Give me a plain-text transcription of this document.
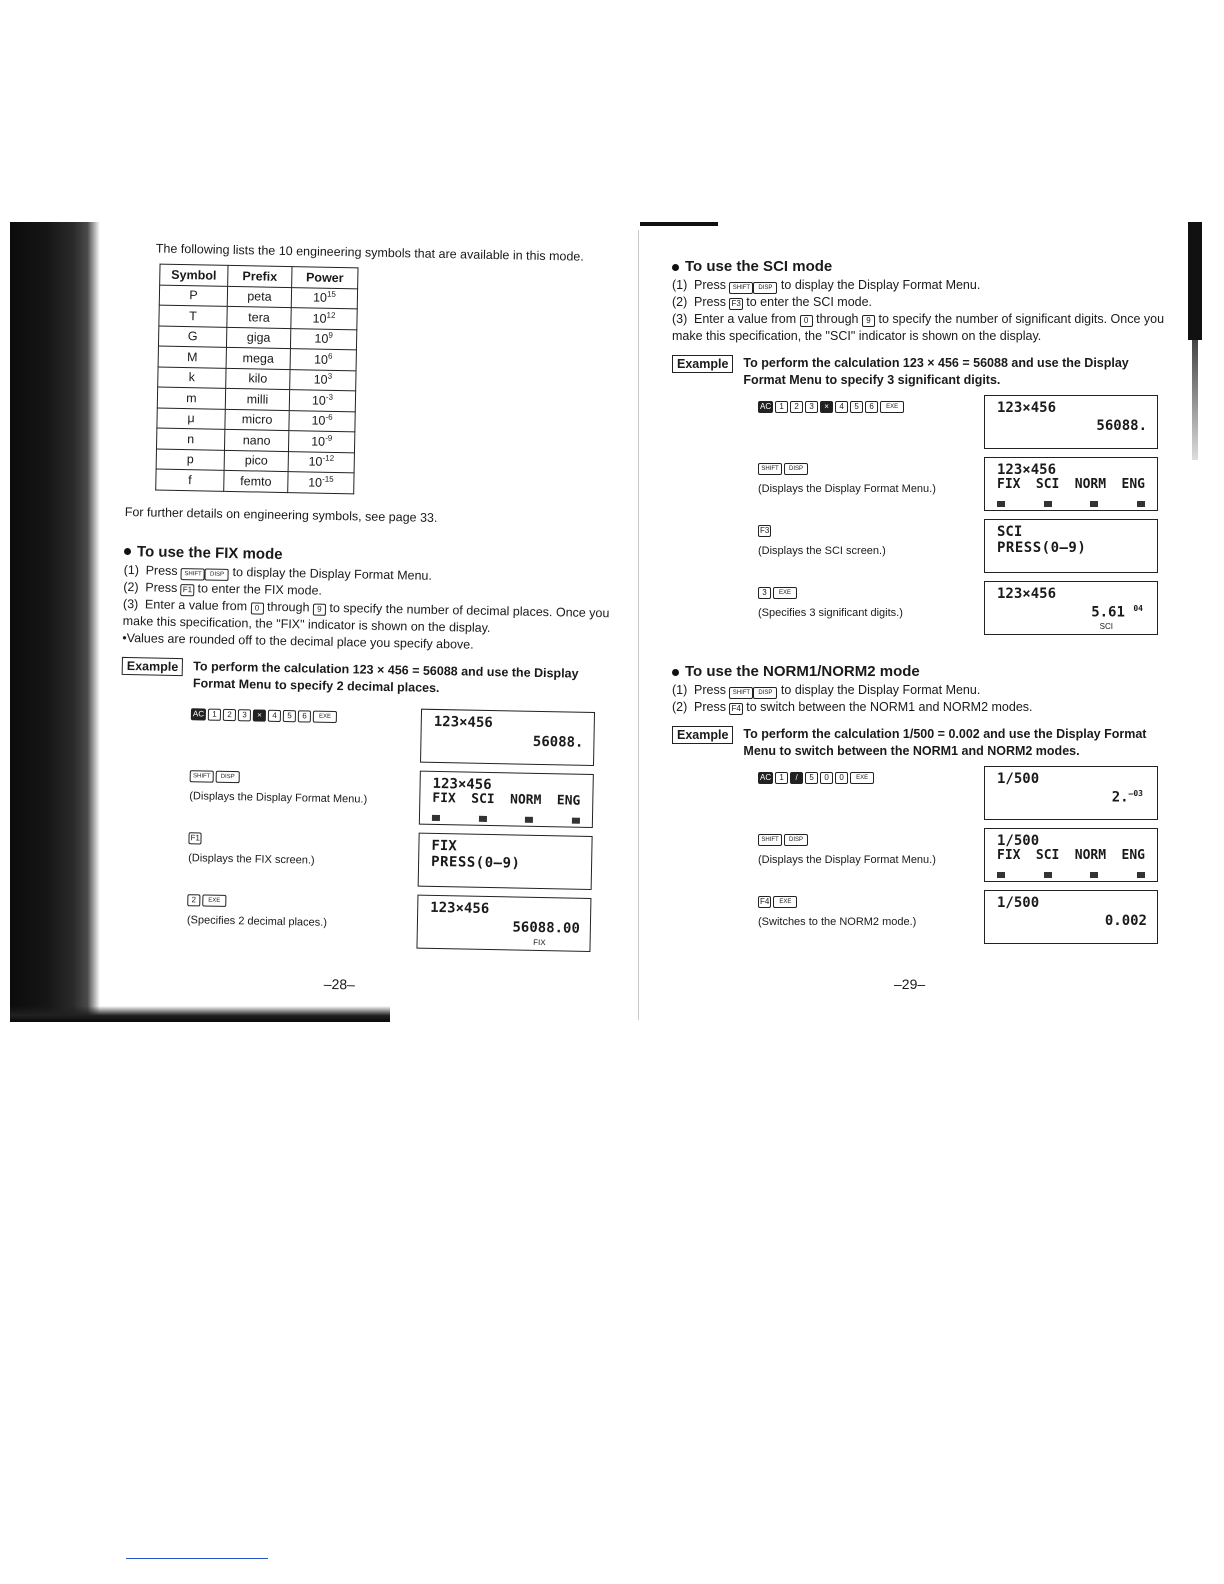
The following lists the 10 engineering symbols that are available in this mode.

Symbol	Prefix	Power
P	peta	$10^{15}$
T	tera	$10^{12}$
G	giga	$10^9$
M	mega	$10^6$
k	kilo	$10^3$
m	milli	$10^{-3}$
μ	micro	$10^{-6}$
n	nano	$10^{-9}$
p	pico	$10^{-12}$
f	femto	$10^{-15}$

For further details on engineering symbols, see page 33.

To use the FIX mode

(1) Press SHIFT DISP to display the Display Format Menu.

(2) Press F1 to enter the FIX mode.

(3) Enter a value from 0 through 9 to specify the number of decimal places. Once you make this specification, the "FIX" indicator is shown on the display.

•Values are rounded off to the decimal place you specify above.

Example	To perform the calculation 123 × 456 = 56088 and use the Display Format Menu to specify 2 decimal places.
AC	1	2	3	×	4	5	6	EXE	123×456
56088.
SHIFT	DISP
(Displays the Display Format Menu.)
123×456
FIX SCI NORM ENG
F1
(Displays the FIX screen.)
FIX
PRESS(0–9)
2	EXE
(Specifies 2 decimal places.)
123×456
56088.00
FIX
–28–
To use the SCI mode

(1) Press SHIFT DISP to display the Display Format Menu.

(2) Press F3 to enter the SCI mode.

(3) Enter a value from 0 through 9 to specify the number of significant digits. Once you make this specification, the "SCI" indicator is shown on the display.

Example	To perform the calculation 123 × 456 = 56088 and use the Display Format Menu to specify 3 significant digits.
AC	1	2	3	×	4	5	6	EXE	123×456
56088.
SHIFT	DISP
(Displays the Display Format Menu.)
123×456
FIX SCI NORM ENG
F3
(Displays the SCI screen.)
SCI
PRESS(0–9)
3	EXE
(Specifies 3 significant digits.)
123×456
5.61 $^{04}$
SCI
To use the NORM1/NORM2 mode

(1) Press SHIFT DISP to display the Display Format Menu.

(2) Press F4 to switch between the NORM1 and NORM2 modes.

Example	To perform the calculation 1/500 = 0.002 and use the Display Format Menu to switch between the NORM1 and NORM2 modes.
AC	1	/	5	0	0	EXE	1/500
2.$^{-03}$
SHIFT	DISP
(Displays the Display Format Menu.)
1/500
FIX SCI NORM ENG
F4	EXE
(Switches to the NORM2 mode.)
1/500
0.002
–29–
